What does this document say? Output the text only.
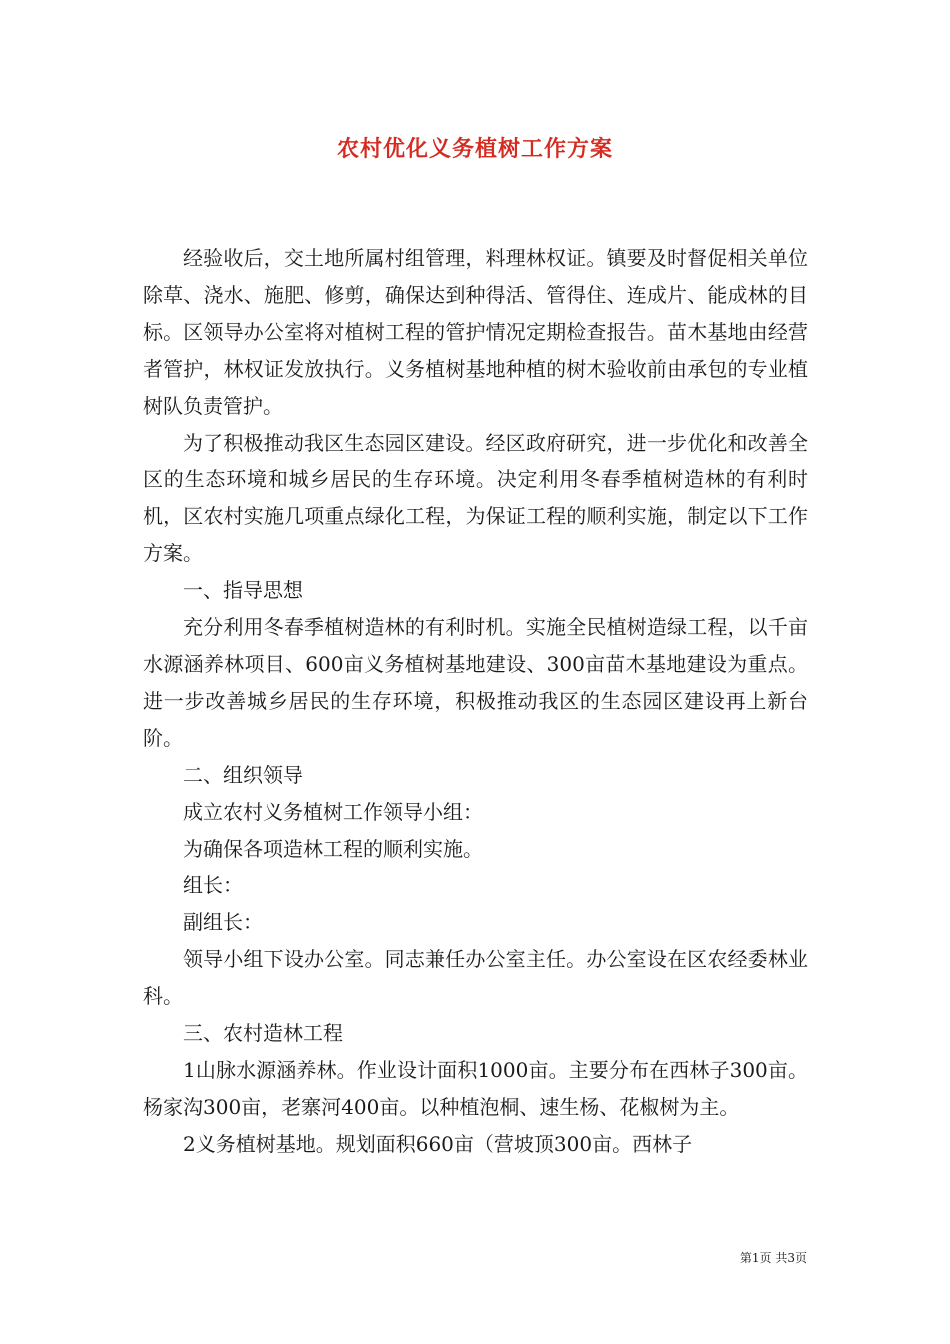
农村优化义务植树工作方案

经验收后，交土地所属村组管理，料理林权证。镇要及时督促相关单位除草、浇水、施肥、修剪，确保达到种得活、管得住、连成片、能成林的目标。区领导办公室将对植树工程的管护情况定期检查报告。苗木基地由经营者管护，林权证发放执行。义务植树基地种植的树木验收前由承包的专业植树队负责管护。

为了积极推动我区生态园区建设。经区政府研究，进一步优化和改善全区的生态环境和城乡居民的生存环境。决定利用冬春季植树造林的有利时机，区农村实施几项重点绿化工程，为保证工程的顺利实施，制定以下工作方案。

一、指导思想

充分利用冬春季植树造林的有利时机。实施全民植树造绿工程，以千亩水源涵养林项目、600亩义务植树基地建设、300亩苗木基地建设为重点。进一步改善城乡居民的生存环境，积极推动我区的生态园区建设再上新台阶。

二、组织领导

成立农村义务植树工作领导小组：

为确保各项造林工程的顺利实施。

组长：

副组长：

领导小组下设办公室。同志兼任办公室主任。办公室设在区农经委林业科。

三、农村造林工程

1山脉水源涵养林。作业设计面积1000亩。主要分布在西林子300亩。杨家沟300亩，老寨河400亩。以种植泡桐、速生杨、花椒树为主。

2义务植树基地。规划面积660亩（营坡顶300亩。西林子

第1页 共3页
